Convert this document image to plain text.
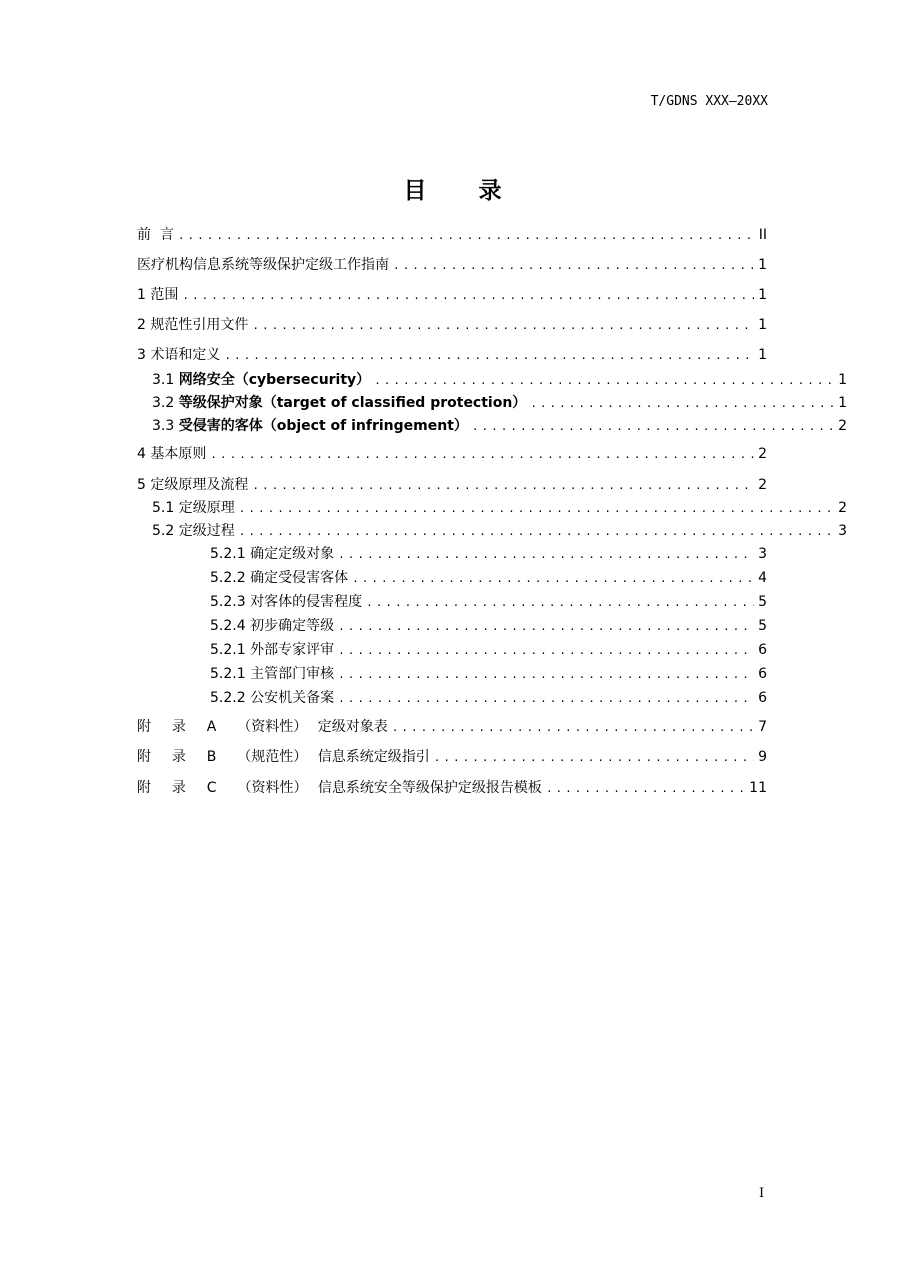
T/GDNS XXX—20XX
目 录
前  言 .....	II
医疗机构信息系统等级保护定级工作指南 .....	1
1 范围 .....	1
2 规范性引用文件 .....	1
3 术语和定义 .....	1
3.1 网络安全（cybersecurity） .....	1
3.2 等级保护对象（target of classified protection） .....	1
3.3 受侵害的客体（object of infringement） .....	2
4 基本原则 .....	2
5 定级原理及流程 .....	2
5.1 定级原理 .....	2
5.2 定级过程 .....	3
5.2.1 确定定级对象 .....	3
5.2.2 确定受侵害客体 .....	4
5.2.3 对客体的侵害程度 .....	5
5.2.4 初步确定等级 .....	5
5.2.1 外部专家评审 .....	6
5.2.1 主管部门审核 .....	6
5.2.2 公安机关备案 .....	6
附  录  A  （资料性） 定级对象表 .....	7
附  录  B  （规范性） 信息系统定级指引 .....	9
附  录  C  （资料性） 信息系统安全等级保护定级报告模板 .....	11
I
